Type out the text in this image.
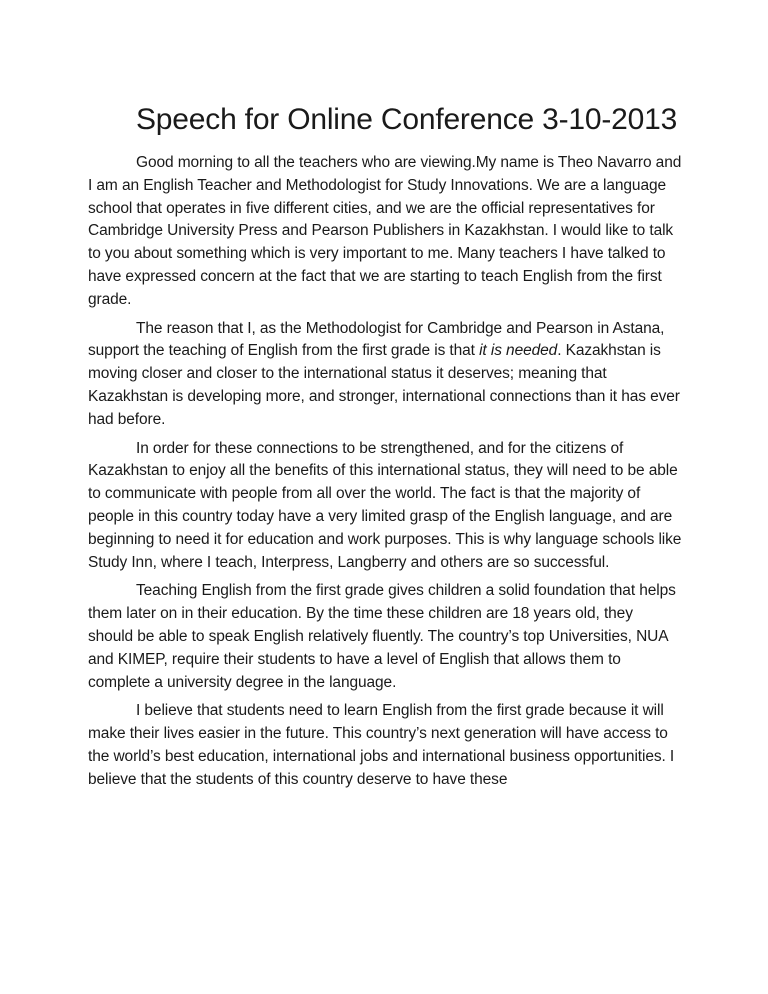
Speech for Online Conference 3-10-2013

Good morning to all the teachers who are viewing.My name is Theo Navarro and I am an English Teacher and Methodologist for Study Innovations. We are a language school that operates in five different cities, and we are the official representatives for Cambridge University Press and Pearson Publishers in Kazakhstan. I would like to talk to you about something which is very important to me. Many teachers I have talked to have expressed concern at the fact that we are starting to teach English from the first grade.

The reason that I, as the Methodologist for Cambridge and Pearson in Astana, support the teaching of English from the first grade is that it is needed. Kazakhstan is moving closer and closer to the international status it deserves; meaning that Kazakhstan is developing more, and stronger, international connections than it has ever had before.

In order for these connections to be strengthened, and for the citizens of Kazakhstan to enjoy all the benefits of this international status, they will need to be able to communicate with people from all over the world. The fact is that the majority of people in this country today have a very limited grasp of the English language, and are beginning to need it for education and work purposes. This is why language schools like Study Inn, where I teach, Interpress, Langberry and others are so successful.

Teaching English from the first grade gives children a solid foundation that helps them later on in their education. By the time these children are 18 years old, they should be able to speak English relatively fluently. The country’s top Universities, NUA and KIMEP, require their students to have a level of English that allows them to complete a university degree in the language.

I believe that students need to learn English from the first grade because it will make their lives easier in the future. This country’s next generation will have access to the world’s best education, international jobs and international business opportunities. I believe that the students of this country deserve to have these
